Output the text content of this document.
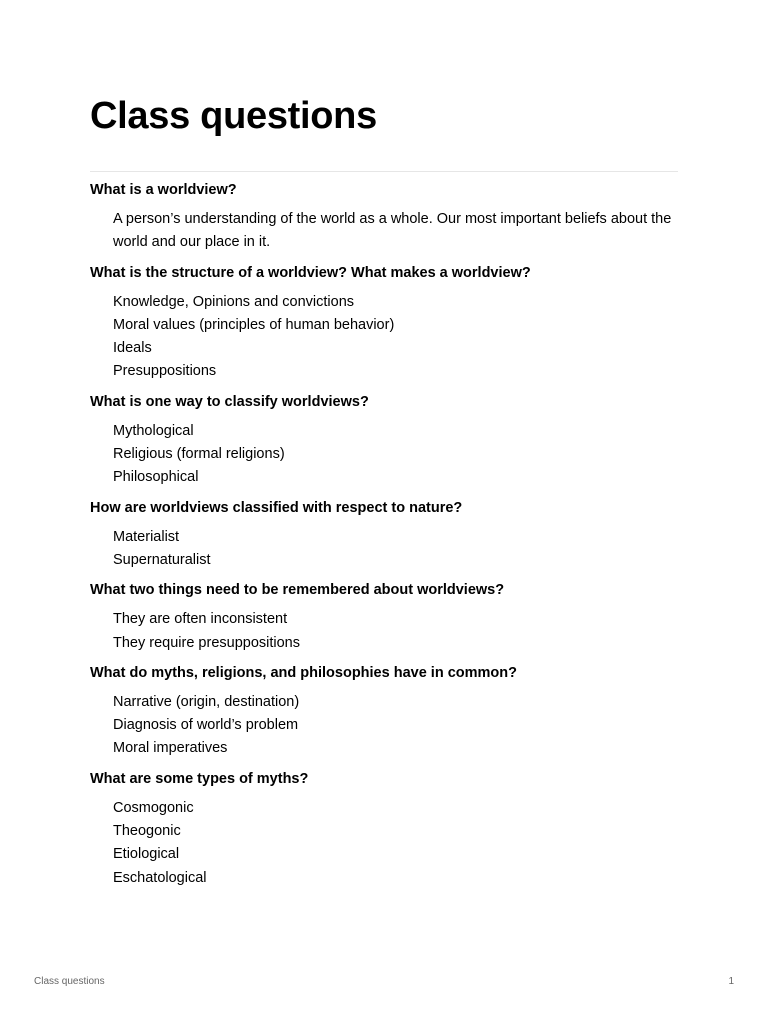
Class questions

What is a worldview?

A person’s understanding of the world as a whole. Our most important beliefs about the world and our place in it.

What is the structure of a worldview? What makes a worldview?

Knowledge, Opinions and convictions
Moral values (principles of human behavior)
Ideals
Presuppositions

What is one way to classify worldviews?

Mythological
Religious (formal religions)
Philosophical

How are worldviews classified with respect to nature?

Materialist
Supernaturalist

What two things need to be remembered about worldviews?

They are often inconsistent
They require presuppositions

What do myths, religions, and philosophies have in common?

Narrative (origin, destination)
Diagnosis of world’s problem
Moral imperatives

What are some types of myths?

Cosmogonic
Theogonic
Etiological
Eschatological
Class questions	1
